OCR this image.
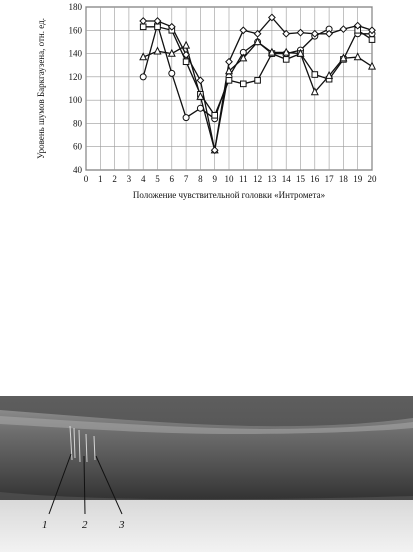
0 1 2 3 4 5 6 7 8 9 10 11 12 13 14 15 16 17 18 19 20
40
60
80
100
120
140
160
180
Положение чувствительной головки «Интромета»
Уровень шумов Баркгаузена, отн. ед.
1	2	3
